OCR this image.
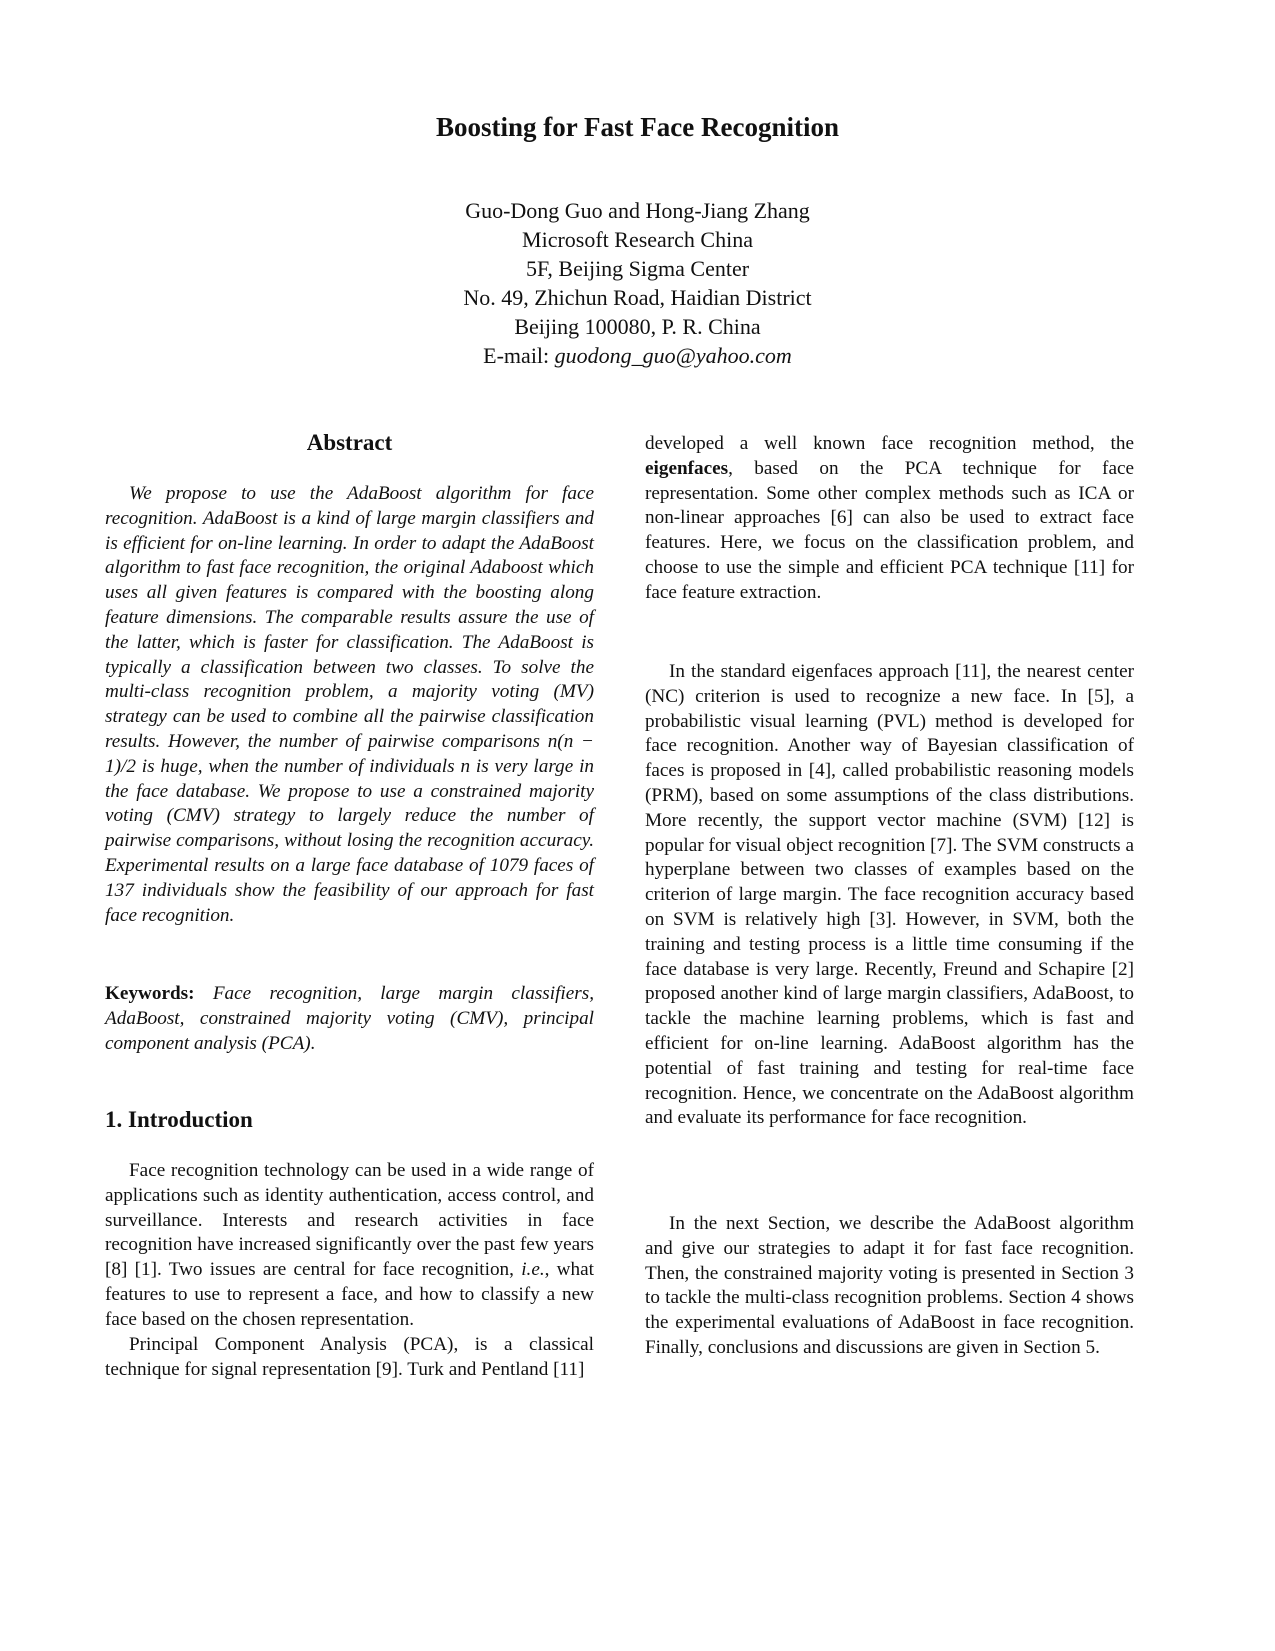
Boosting for Fast Face Recognition
Guo-Dong Guo and Hong-Jiang Zhang
Microsoft Research China
5F, Beijing Sigma Center
No. 49, Zhichun Road, Haidian District
Beijing 100080, P. R. China
E-mail: guodong_guo@yahoo.com
Abstract

We propose to use the AdaBoost algorithm for face recognition. AdaBoost is a kind of large margin classifiers and is efficient for on-line learning. In order to adapt the AdaBoost algorithm to fast face recognition, the original Adaboost which uses all given features is compared with the boosting along feature dimensions. The comparable results assure the use of the latter, which is faster for classification. The AdaBoost is typically a classification between two classes. To solve the multi-class recognition problem, a majority voting (MV) strategy can be used to combine all the pairwise classification results. However, the number of pairwise comparisons n(n − 1)/2 is huge, when the number of individuals n is very large in the face database. We propose to use a constrained majority voting (CMV) strategy to largely reduce the number of pairwise comparisons, without losing the recognition accuracy. Experimental results on a large face database of 1079 faces of 137 individuals show the feasibility of our approach for fast face recognition.

Keywords: Face recognition, large margin classifiers, AdaBoost, constrained majority voting (CMV), principal component analysis (PCA).

1. Introduction

Face recognition technology can be used in a wide range of applications such as identity authentication, access control, and surveillance. Interests and research activities in face recognition have increased significantly over the past few years [8] [1]. Two issues are central for face recognition, i.e., what features to use to represent a face, and how to classify a new face based on the chosen representation.

Principal Component Analysis (PCA), is a classical technique for signal representation [9]. Turk and Pentland [11]

developed a well known face recognition method, the eigenfaces, based on the PCA technique for face representation. Some other complex methods such as ICA or non-linear approaches [6] can also be used to extract face features. Here, we focus on the classification problem, and choose to use the simple and efficient PCA technique [11] for face feature extraction.

In the standard eigenfaces approach [11], the nearest center (NC) criterion is used to recognize a new face. In [5], a probabilistic visual learning (PVL) method is developed for face recognition. Another way of Bayesian classification of faces is proposed in [4], called probabilistic reasoning models (PRM), based on some assumptions of the class distributions. More recently, the support vector machine (SVM) [12] is popular for visual object recognition [7]. The SVM constructs a hyperplane between two classes of examples based on the criterion of large margin. The face recognition accuracy based on SVM is relatively high [3]. However, in SVM, both the training and testing process is a little time consuming if the face database is very large. Recently, Freund and Schapire [2] proposed another kind of large margin classifiers, AdaBoost, to tackle the machine learning problems, which is fast and efficient for on-line learning. AdaBoost algorithm has the potential of fast training and testing for real-time face recognition. Hence, we concentrate on the AdaBoost algorithm and evaluate its performance for face recognition.

In the next Section, we describe the AdaBoost algorithm and give our strategies to adapt it for fast face recognition. Then, the constrained majority voting is presented in Section 3 to tackle the multi-class recognition problems. Section 4 shows the experimental evaluations of AdaBoost in face recognition. Finally, conclusions and discussions are given in Section 5.
